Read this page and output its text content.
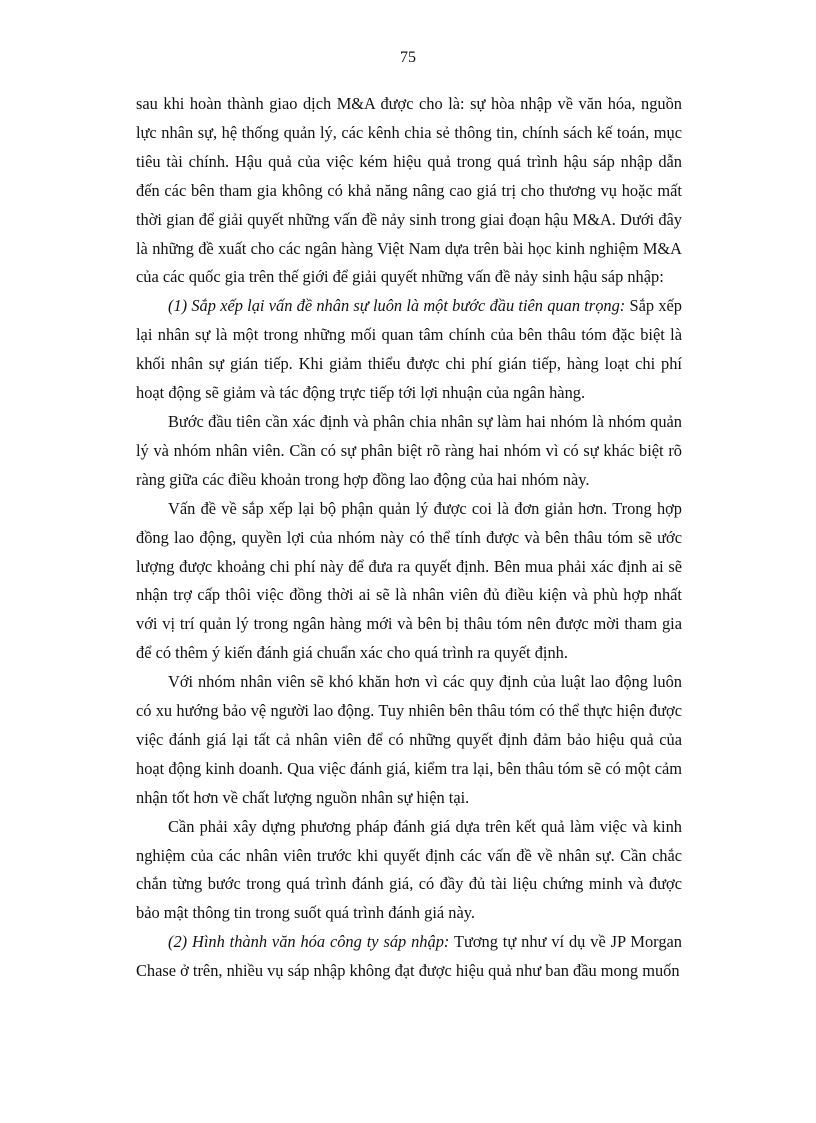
75

sau khi hoàn thành giao dịch M&A được cho là: sự hòa nhập về văn hóa, nguồn lực nhân sự, hệ thống quản lý, các kênh chia sẻ thông tin, chính sách kế toán, mục tiêu tài chính. Hậu quả của việc kém hiệu quả trong quá trình hậu sáp nhập dẫn đến các bên tham gia không có khả năng nâng cao giá trị cho thương vụ hoặc mất thời gian để giải quyết những vấn đề nảy sinh trong giai đoạn hậu M&A. Dưới đây là những đề xuất cho các ngân hàng Việt Nam dựa trên bài học kinh nghiệm M&A của các quốc gia trên thế giới để giải quyết những vấn đề nảy sinh hậu sáp nhập:

(1) Sắp xếp lại vấn đề nhân sự luôn là một bước đầu tiên quan trọng: Sắp xếp lại nhân sự là một trong những mối quan tâm chính của bên thâu tóm đặc biệt là khối nhân sự gián tiếp. Khi giảm thiểu được chi phí gián tiếp, hàng loạt chi phí hoạt động sẽ giảm và tác động trực tiếp tới lợi nhuận của ngân hàng.

Bước đầu tiên cần xác định và phân chia nhân sự làm hai nhóm là nhóm quản lý và nhóm nhân viên. Cần có sự phân biệt rõ ràng hai nhóm vì có sự khác biệt rõ ràng giữa các điều khoản trong hợp đồng lao động của hai nhóm này.

Vấn đề về sắp xếp lại bộ phận quản lý được coi là đơn giản hơn. Trong hợp đồng lao động, quyền lợi của nhóm này có thể tính được và bên thâu tóm sẽ ước lượng được khoảng chi phí này để đưa ra quyết định. Bên mua phải xác định ai sẽ nhận trợ cấp thôi việc đồng thời ai sẽ là nhân viên đủ điều kiện và phù hợp nhất với vị trí quản lý trong ngân hàng mới và bên bị thâu tóm nên được mời tham gia để có thêm ý kiến đánh giá chuẩn xác cho quá trình ra quyết định.

Với nhóm nhân viên sẽ khó khăn hơn vì các quy định của luật lao động luôn có xu hướng bảo vệ người lao động. Tuy nhiên bên thâu tóm có thể thực hiện được việc đánh giá lại tất cả nhân viên để có những quyết định đảm bảo hiệu quả của hoạt động kinh doanh. Qua việc đánh giá, kiểm tra lại, bên thâu tóm sẽ có một cảm nhận tốt hơn về chất lượng nguồn nhân sự hiện tại.

Cần phải xây dựng phương pháp đánh giá dựa trên kết quả làm việc và kinh nghiệm của các nhân viên trước khi quyết định các vấn đề về nhân sự. Cần chắc chắn từng bước trong quá trình đánh giá, có đầy đủ tài liệu chứng minh và được bảo mật thông tin trong suốt quá trình đánh giá này.

(2) Hình thành văn hóa công ty sáp nhập: Tương tự như ví dụ về JP Morgan Chase ở trên, nhiều vụ sáp nhập không đạt được hiệu quả như ban đầu mong muốn
